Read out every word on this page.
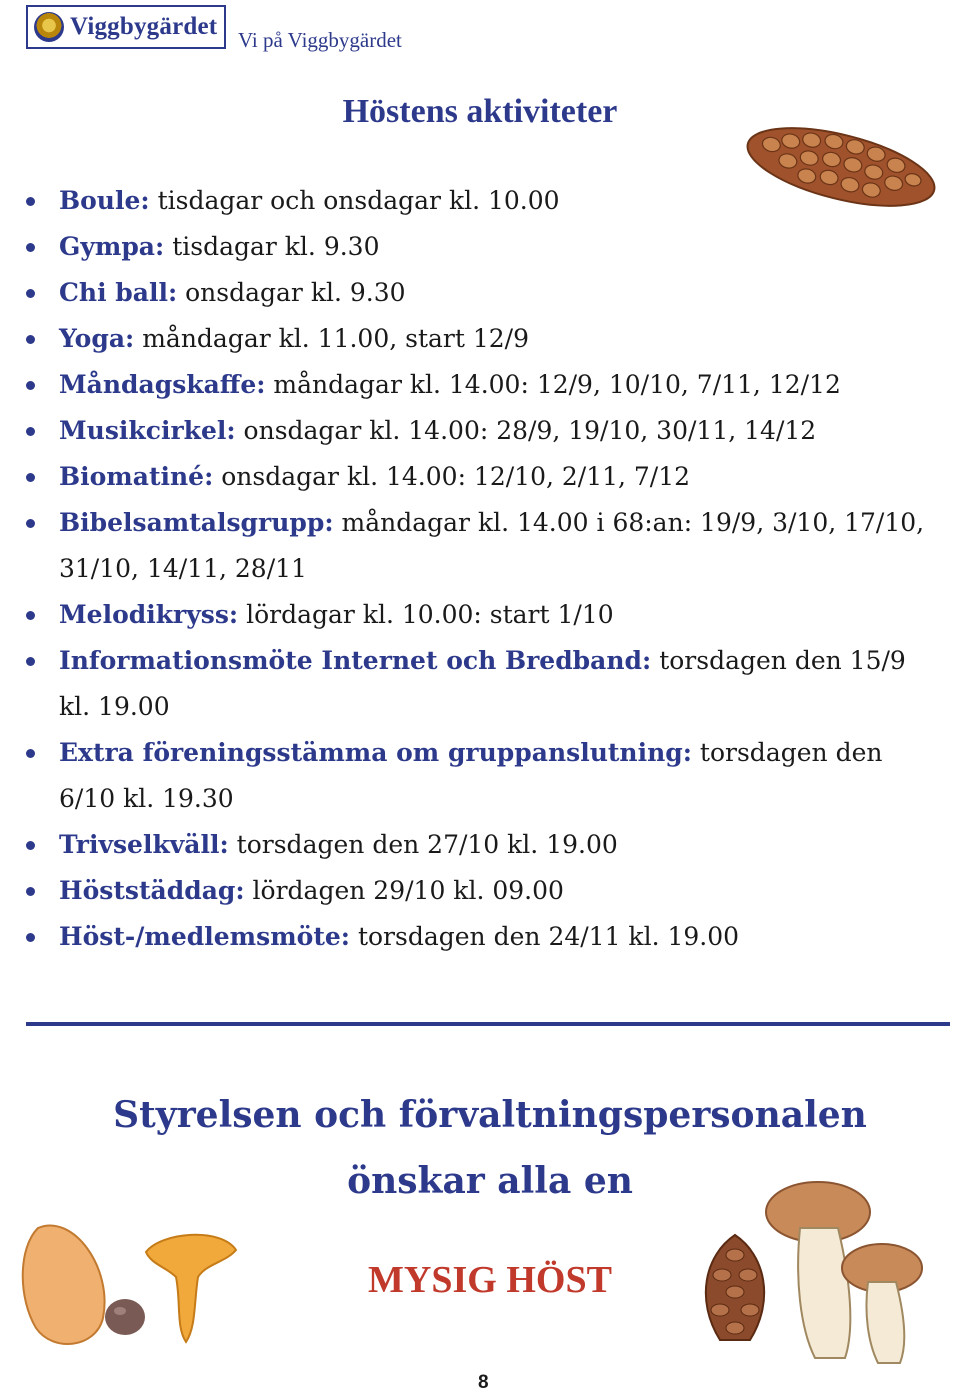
Viggbygärdet Vi på Viggbygärdet
Höstens aktiviteter
Boule: tisdagar och onsdagar kl. 10.00
Gympa: tisdagar kl. 9.30
Chi ball: onsdagar kl. 9.30
Yoga: måndagar kl. 11.00, start 12/9
Måndagskaffe: måndagar kl. 14.00: 12/9, 10/10, 7/11, 12/12
Musikcirkel: onsdagar kl. 14.00: 28/9, 19/10, 30/11, 14/12
Biomatiné: onsdagar kl. 14.00: 12/10, 2/11, 7/12
Bibelsamtalsgrupp: måndagar kl. 14.00 i 68:an: 19/9, 3/10, 17/10, 31/10, 14/11, 28/11
Melodikryss: lördagar kl. 10.00: start 1/10
Informationsmöte Internet och Bredband: torsdagen den 15/9 kl. 19.00
Extra föreningsstämma om gruppanslutning: torsdagen den 6/10 kl. 19.30
Trivselkväll: torsdagen den 27/10 kl. 19.00
Höststäddag: lördagen 29/10 kl. 09.00
Höst-/medlemsmöte: torsdagen den 24/11 kl. 19.00
Styrelsen och förvaltningspersonalen
önskar alla en
MYSIG HÖST
8
